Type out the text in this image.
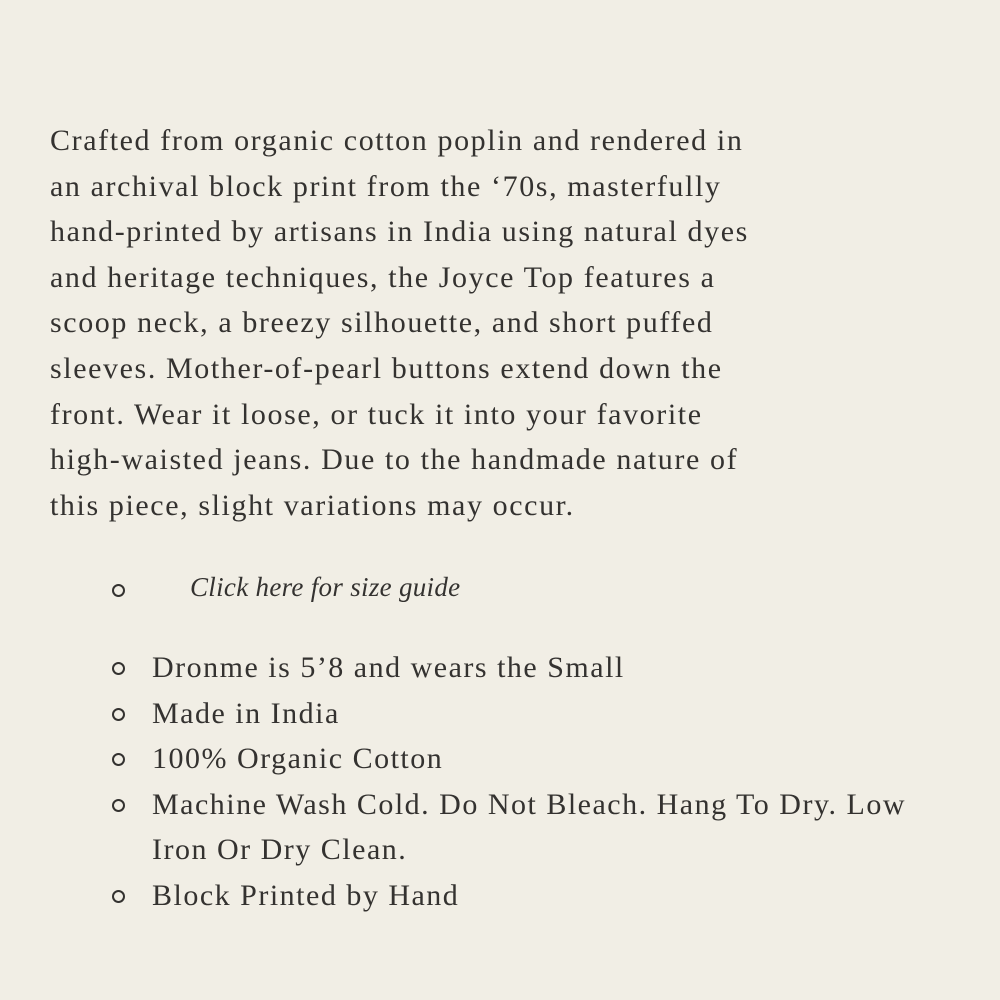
Crafted from organic cotton poplin and rendered in
an archival block print from the ‘70s, masterfully
hand-printed by artisans in India using natural dyes
and heritage techniques, the Joyce Top features a
scoop neck, a breezy silhouette, and short puffed
sleeves. Mother-of-pearl buttons extend down the
front. Wear it loose, or tuck it into your favorite
high-waisted jeans. Due to the handmade nature of
this piece, slight variations may occur.
Click here for size guide
Dronme is 5’8 and wears the Small
Made in India
100% Organic Cotton
Machine Wash Cold. Do Not Bleach. Hang To Dry. Low Iron Or Dry Clean.
Block Printed by Hand
